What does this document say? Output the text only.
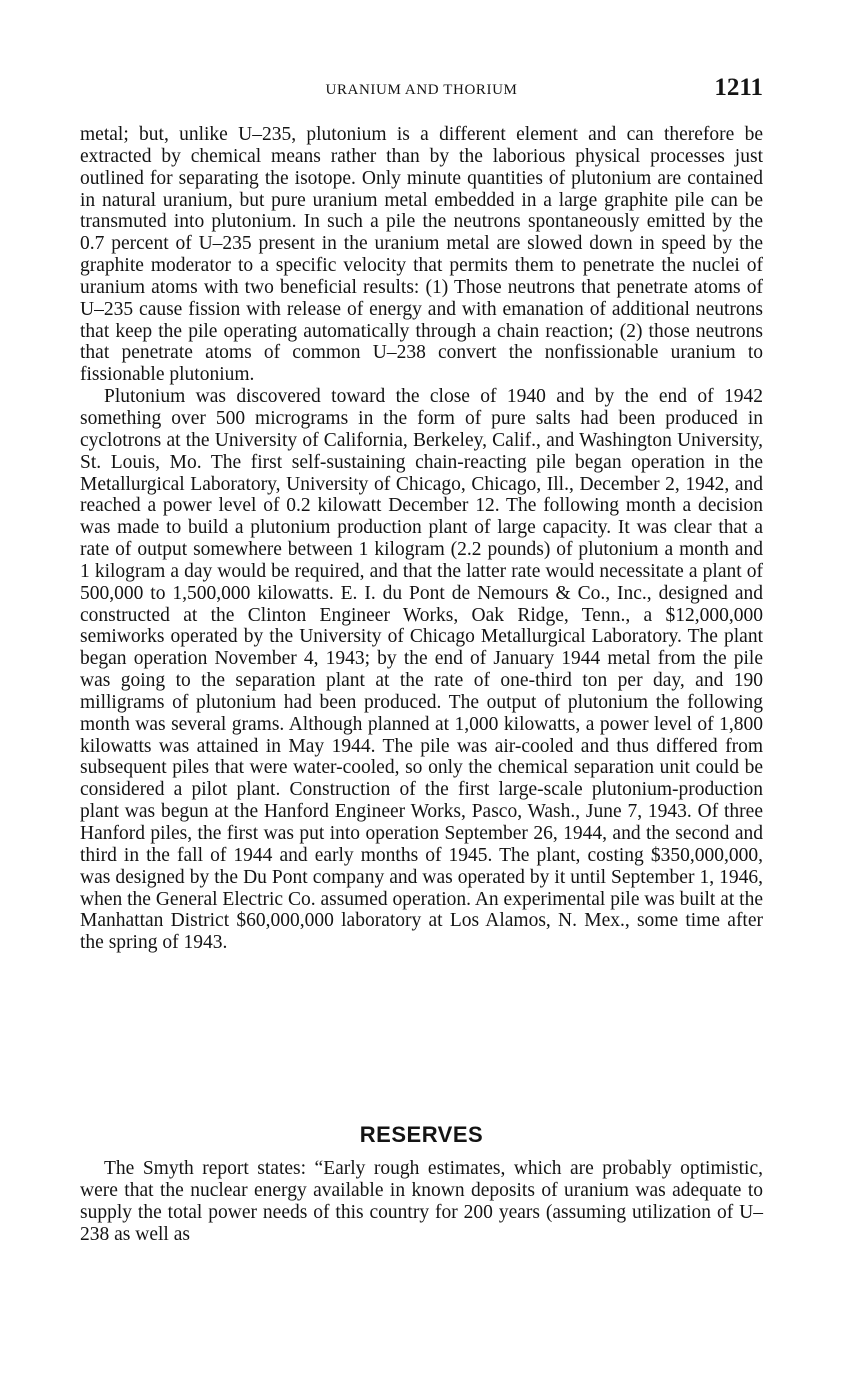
URANIUM AND THORIUM	1211

metal; but, unlike U–235, plutonium is a different element and can therefore be extracted by chemical means rather than by the laborious physical processes just outlined for separating the isotope. Only minute quantities of plutonium are contained in natural uranium, but pure uranium metal embedded in a large graphite pile can be transmuted into plutonium. In such a pile the neutrons spontaneously emitted by the 0.7 percent of U–235 present in the uranium metal are slowed down in speed by the graphite moderator to a specific velocity that permits them to penetrate the nuclei of uranium atoms with two beneficial results: (1) Those neutrons that penetrate atoms of U–235 cause fission with release of energy and with emanation of additional neutrons that keep the pile operating automatically through a chain reaction; (2) those neutrons that penetrate atoms of common U–238 convert the nonfissionable uranium to fissionable plutonium.

Plutonium was discovered toward the close of 1940 and by the end of 1942 something over 500 micrograms in the form of pure salts had been produced in cyclotrons at the University of California, Berkeley, Calif., and Washington University, St. Louis, Mo. The first self-sustaining chain-reacting pile began operation in the Metallurgical Laboratory, University of Chicago, Chicago, Ill., December 2, 1942, and reached a power level of 0.2 kilowatt December 12. The following month a decision was made to build a plutonium production plant of large capacity. It was clear that a rate of output somewhere between 1 kilogram (2.2 pounds) of plutonium a month and 1 kilogram a day would be required, and that the latter rate would necessitate a plant of 500,000 to 1,500,000 kilowatts. E. I. du Pont de Nemours & Co., Inc., designed and constructed at the Clinton Engineer Works, Oak Ridge, Tenn., a $12,000,000 semiworks operated by the University of Chicago Metallurgical Laboratory. The plant began operation November 4, 1943; by the end of January 1944 metal from the pile was going to the separation plant at the rate of one-third ton per day, and 190 milligrams of plutonium had been produced. The output of plutonium the following month was several grams. Although planned at 1,000 kilowatts, a power level of 1,800 kilowatts was attained in May 1944. The pile was air-cooled and thus differed from subsequent piles that were water-cooled, so only the chemical separation unit could be considered a pilot plant. Construction of the first large-scale plutonium-production plant was begun at the Hanford Engineer Works, Pasco, Wash., June 7, 1943. Of three Hanford piles, the first was put into operation September 26, 1944, and the second and third in the fall of 1944 and early months of 1945. The plant, costing $350,000,000, was designed by the Du Pont company and was operated by it until September 1, 1946, when the General Electric Co. assumed operation. An experimental pile was built at the Manhattan District $60,000,000 laboratory at Los Alamos, N. Mex., some time after the spring of 1943.

RESERVES

The Smyth report states: “Early rough estimates, which are probably optimistic, were that the nuclear energy available in known deposits of uranium was adequate to supply the total power needs of this country for 200 years (assuming utilization of U–238 as well as
